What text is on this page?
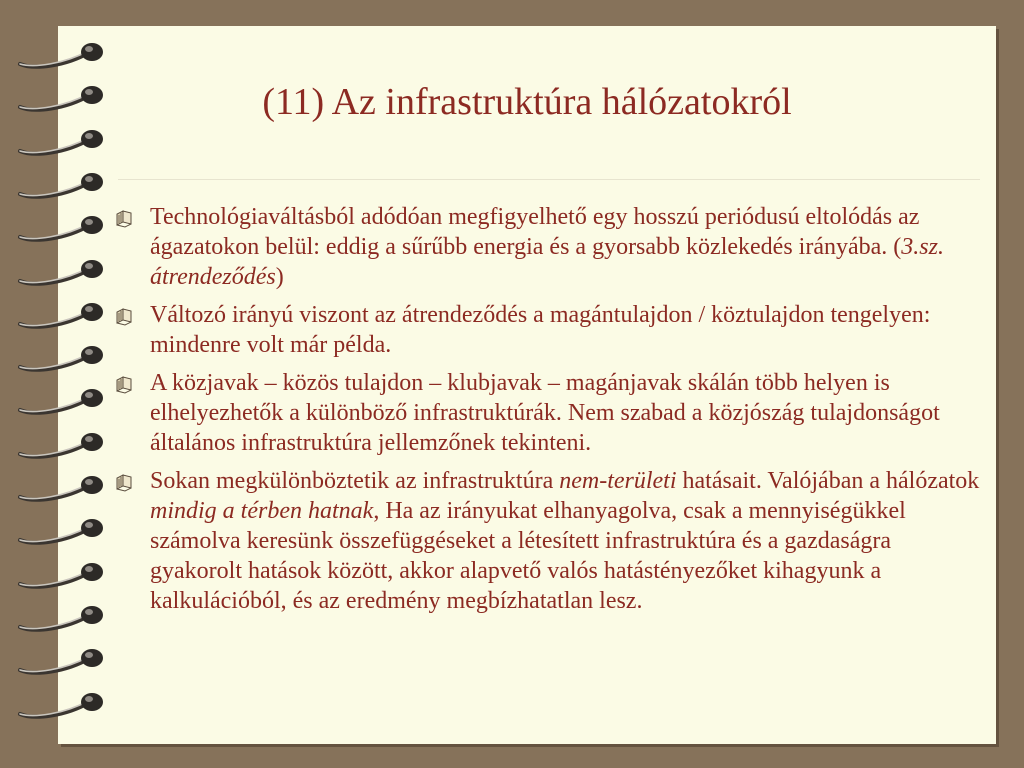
(11) Az infrastruktúra hálózatokról
Technológiaváltásból adódóan megfigyelhető egy hosszú periódusú eltolódás az ágazatokon belül: eddig a sűrűbb energia és a gyorsabb közlekedés irányába. (3.sz. átrendeződés)
Változó irányú viszont az átrendeződés a magántulajdon / köztulajdon tengelyen: mindenre volt már példa.
A közjavak – közös tulajdon – klubjavak – magánjavak skálán több helyen is elhelyezhetők a különböző infrastruktúrák. Nem szabad a közjószág tulajdonságot általános infrastruktúra jellemzőnek tekinteni.
Sokan megkülönböztetik az infrastruktúra nem-területi hatásait. Valójában a hálózatok mindig a térben hatnak, Ha az irányukat elhanyagolva, csak a mennyiségükkel számolva keresünk összefüggéseket a létesített infrastruktúra és a gazdaságra gyakorolt hatások között, akkor alapvető valós hatástényezőket kihagyunk a kalkulációból, és az eredmény megbízhatatlan lesz.
